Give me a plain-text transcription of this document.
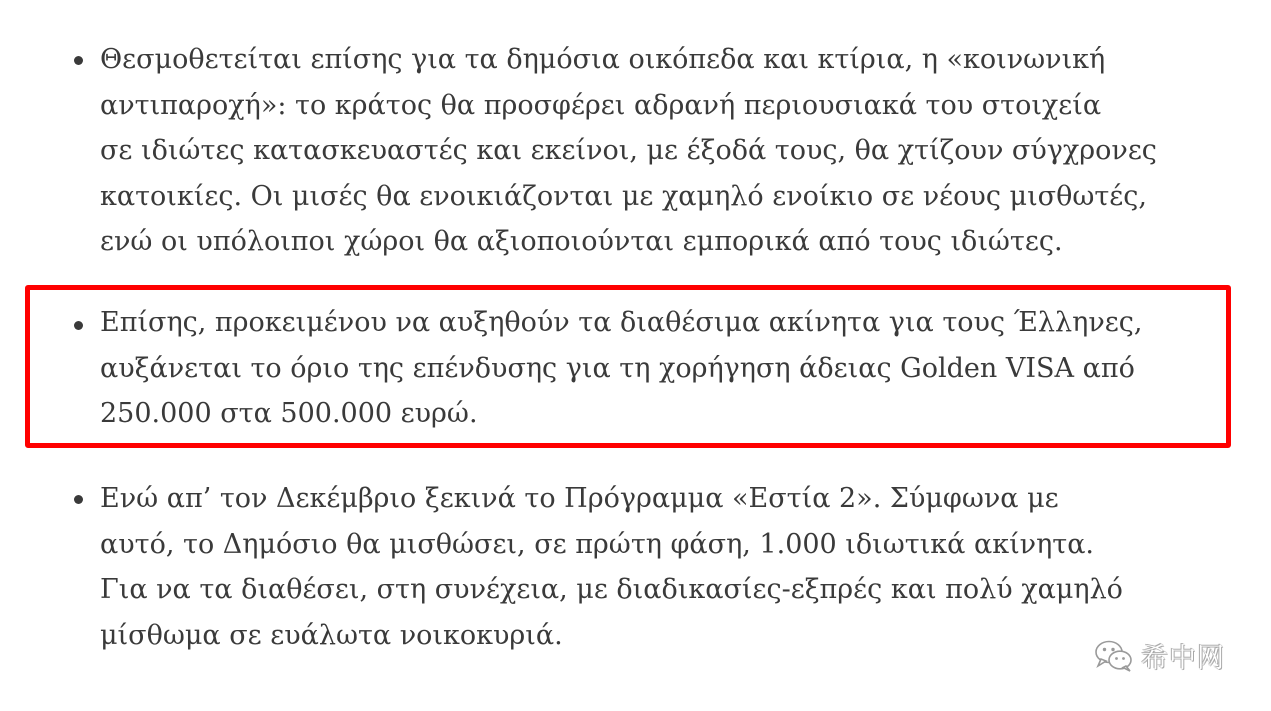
Θεσμοθετείται επίσης για τα δημόσια οικόπεδα και κτίρια, η «κοινωνική
αντιπαροχή»: το κράτος θα προσφέρει αδρανή περιουσιακά του στοιχεία
σε ιδιώτες κατασκευαστές και εκείνοι, με έξοδά τους, θα χτίζουν σύγχρονες
κατοικίες. Οι μισές θα ενοικιάζονται με χαμηλό ενοίκιο σε νέους μισθωτές,
ενώ οι υπόλοιποι χώροι θα αξιοποιούνται εμπορικά από τους ιδιώτες.
Επίσης, προκειμένου να αυξηθούν τα διαθέσιμα ακίνητα για τους Έλληνες,
αυξάνεται το όριο της επένδυσης για τη χορήγηση άδειας Golden VISA από
250.000 στα 500.000 ευρώ.
Ενώ απ’ τον Δεκέμβριο ξεκινά το Πρόγραμμα «Εστία 2». Σύμφωνα με
αυτό, το Δημόσιο θα μισθώσει, σε πρώτη φάση, 1.000 ιδιωτικά ακίνητα.
Για να τα διαθέσει, στη συνέχεια, με διαδικασίες-εξπρές και πολύ χαμηλό
μίσθωμα σε ευάλωτα νοικοκυριά.
希中网
